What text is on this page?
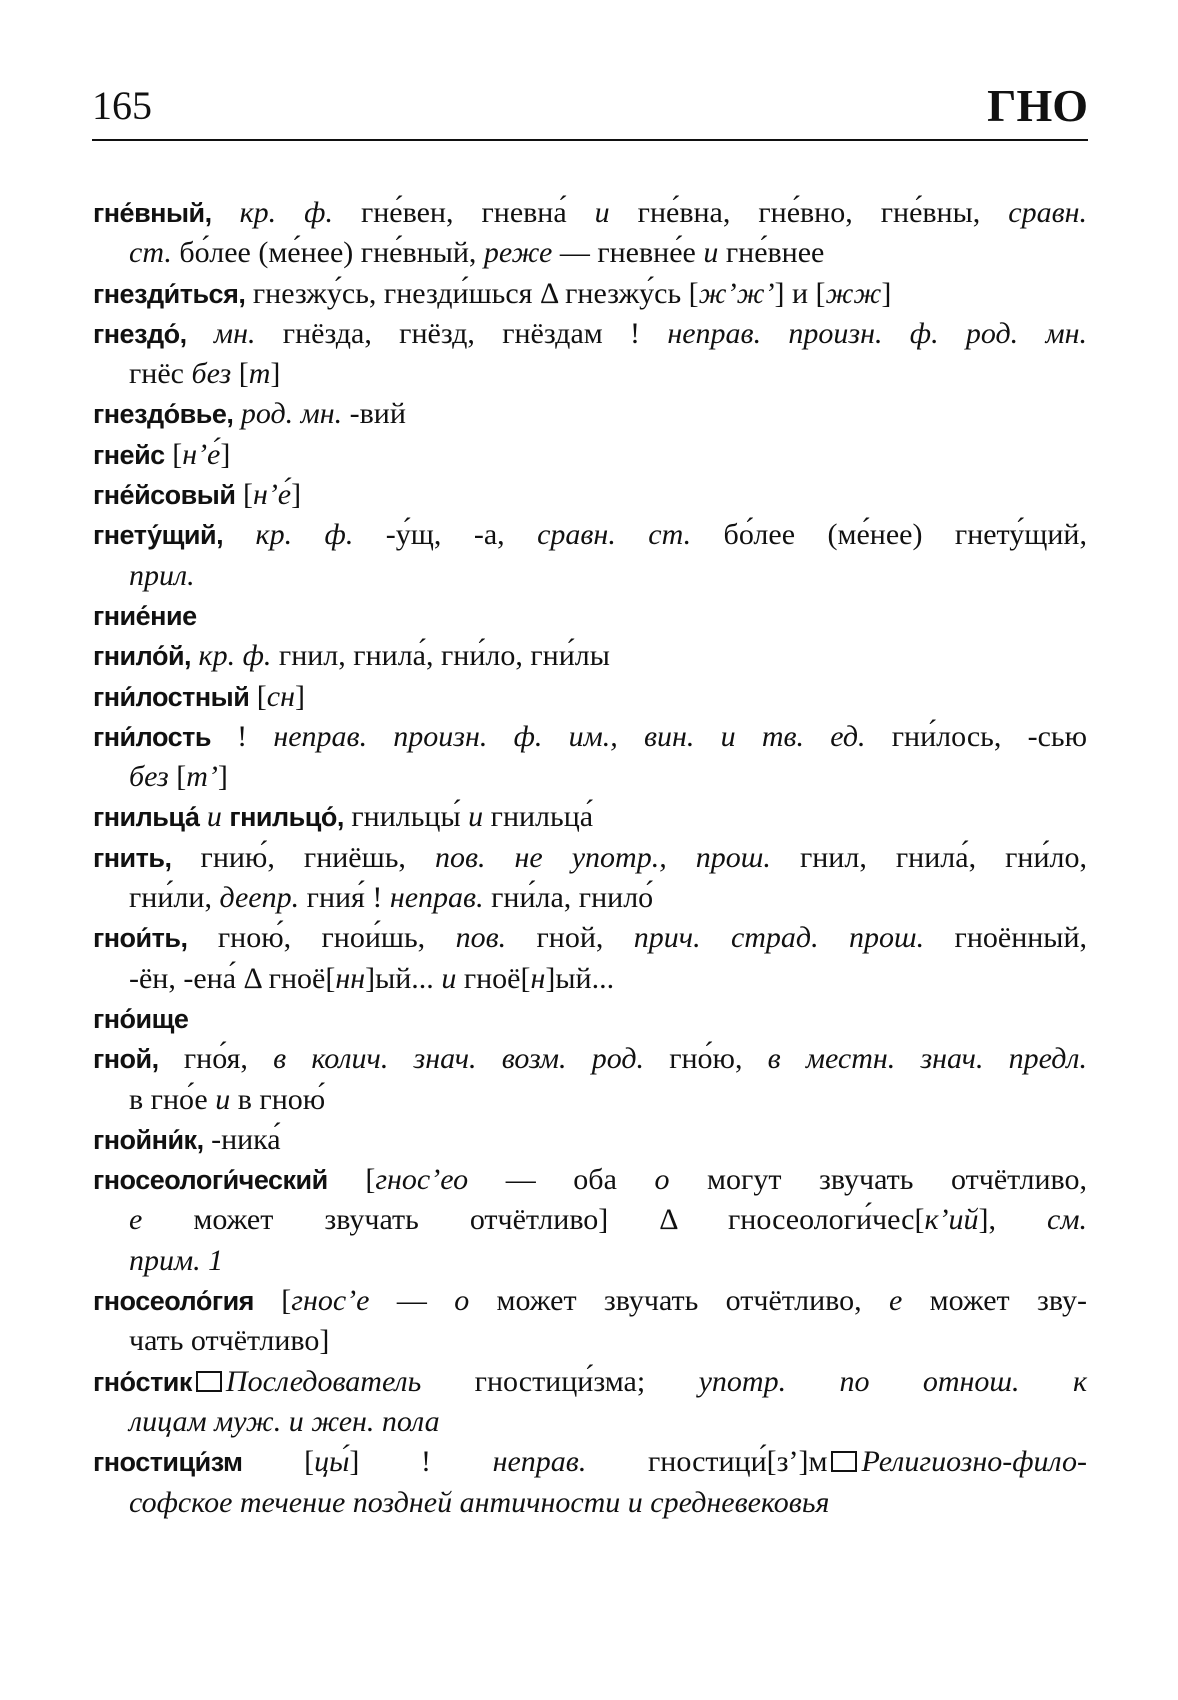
165	ГНО
гне́вный, кр. ф. гне́вен, гневна́ и гне́вна, гне́вно, гне́вны, сравн.
ст. бо́лее (ме́нее) гне́вный, реже — гневне́е и гне́внее
гнезди́ться, гнезжу́сь, гнезди́шься Δ гнезжу́сь [ж’ж’] и [жж]
гнездо́, мн. гнёзда, гнёзд, гнёздам ! неправ. произн. ф. род. мн.
гнёс без [т]
гнездо́вье, род. мн. -вий
гнейс [н’е́]
гне́йсовый [н’е́]
гнету́щий, кр. ф. -у́щ, -а, сравн. ст. бо́лее (ме́нее) гнету́щий,
прил.
гние́ние
гнило́й, кр. ф. гнил, гнила́, гни́ло, гни́лы
гни́лостный [сн]
гни́лость ! неправ. произн. ф. им., вин. и тв. ед. гни́лось, -сью
без [т’]
гнильца́ и гнильцо́, гнильцы́ и гнильца́
гнить, гнию́, гниёшь, пов. не употр., прош. гнил, гнила́, гни́ло,
гни́ли, деепр. гния́ ! неправ. гни́ла, гнило́
гнои́ть, гною́, гнои́шь, пов. гной, прич. страд. прош. гноённый,
-ён, -ена́ Δ гноё[нн]ый... и гноё[н]ый...
гно́ище
гной, гно́я, в колич. знач. возм. род. гно́ю, в местн. знач. предл.
в гно́е и в гною́
гнойни́к, -ника́
гносеологи́ческий [гнос’ео — оба о могут звучать отчётливо,
е может звучать отчётливо] Δ гносеологи́чес[к’ий], см.
прим. 1
гносеоло́гия [гнос’е — о может звучать отчётливо, е может зву-
чать отчётливо]
гно́стик Последователь гностици́зма; употр. по отнош. к
лицам муж. и жен. пола
гностици́зм [цы́] ! неправ. гностици́[з’]м Религиозно-фило-
софское течение поздней античности и средневековья
